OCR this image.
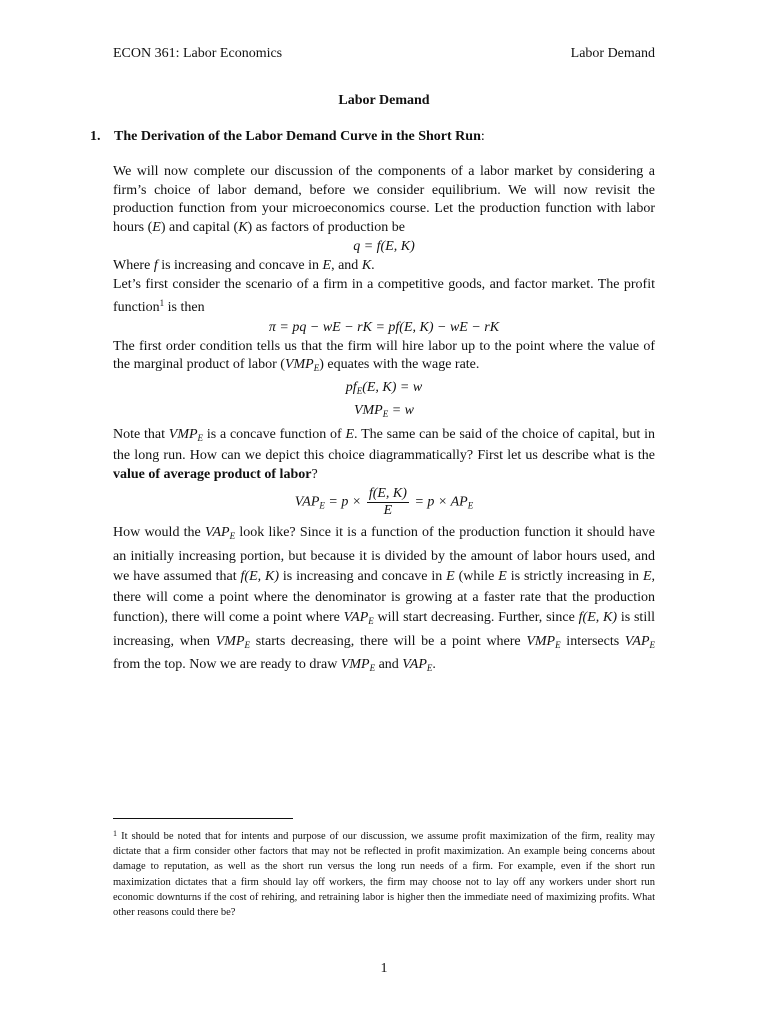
ECON 361: Labor Economics	Labor Demand
Labor Demand
1. The Derivation of the Labor Demand Curve in the Short Run:

We will now complete our discussion of the components of a labor market by considering a firm’s choice of labor demand, before we consider equilibrium. We will now revisit the production function from your microeconomics course. Let the production function with labor hours (E) and capital (K) as factors of production be

q = f(E, K)

Where f is increasing and concave in E, and K.

Let’s first consider the scenario of a firm in a competitive goods, and factor market. The profit function$^1$ is then

π = pq − wE − rK = pf(E, K) − wE − rK

The first order condition tells us that the firm will hire labor up to the point where the value of the marginal product of labor $(VMP_E)$ equates with the wage rate.

$pf_E(E$, K) = w
$VMP_E = w$

Note that $VMP_E$ is a concave function of E. The same can be said of the choice of capital, but in the long run. How can we depict this choice diagrammatically? First let us describe what is the value of average product of labor?

$VAP_E = p \times \frac{f(E, K)}{E} = p \times AP_E$

How would the $VAP_E$ look like? Since it is a function of the production function it should have an initially increasing portion, but because it is divided by the amount of labor hours used, and we have assumed that f(E, K) is increasing and concave in E (while E is strictly increasing in E, there will come a point where the denominator is growing at a faster rate that the production function), there will come a point where $VAP_E$ will start decreasing. Further, since f(E, K) is still increasing, when $VMP_E$ starts decreasing, there will be a point where $VMP_E$ intersects $VAP_E$ from the top. Now we are ready to draw $VMP_E$ and $VAP_E$.

$^1$ It should be noted that for intents and purpose of our discussion, we assume profit maximization of the firm, reality may dictate that a firm consider other factors that may not be reflected in profit maximization. An example being concerns about damage to reputation, as well as the short run versus the long run needs of a firm. For example, even if the short run maximization dictates that a firm should lay off workers, the firm may choose not to lay off any workers under short run economic downturns if the cost of rehiring, and retraining labor is higher then the immediate need of maximizing profits. What other reasons could there be?
1
